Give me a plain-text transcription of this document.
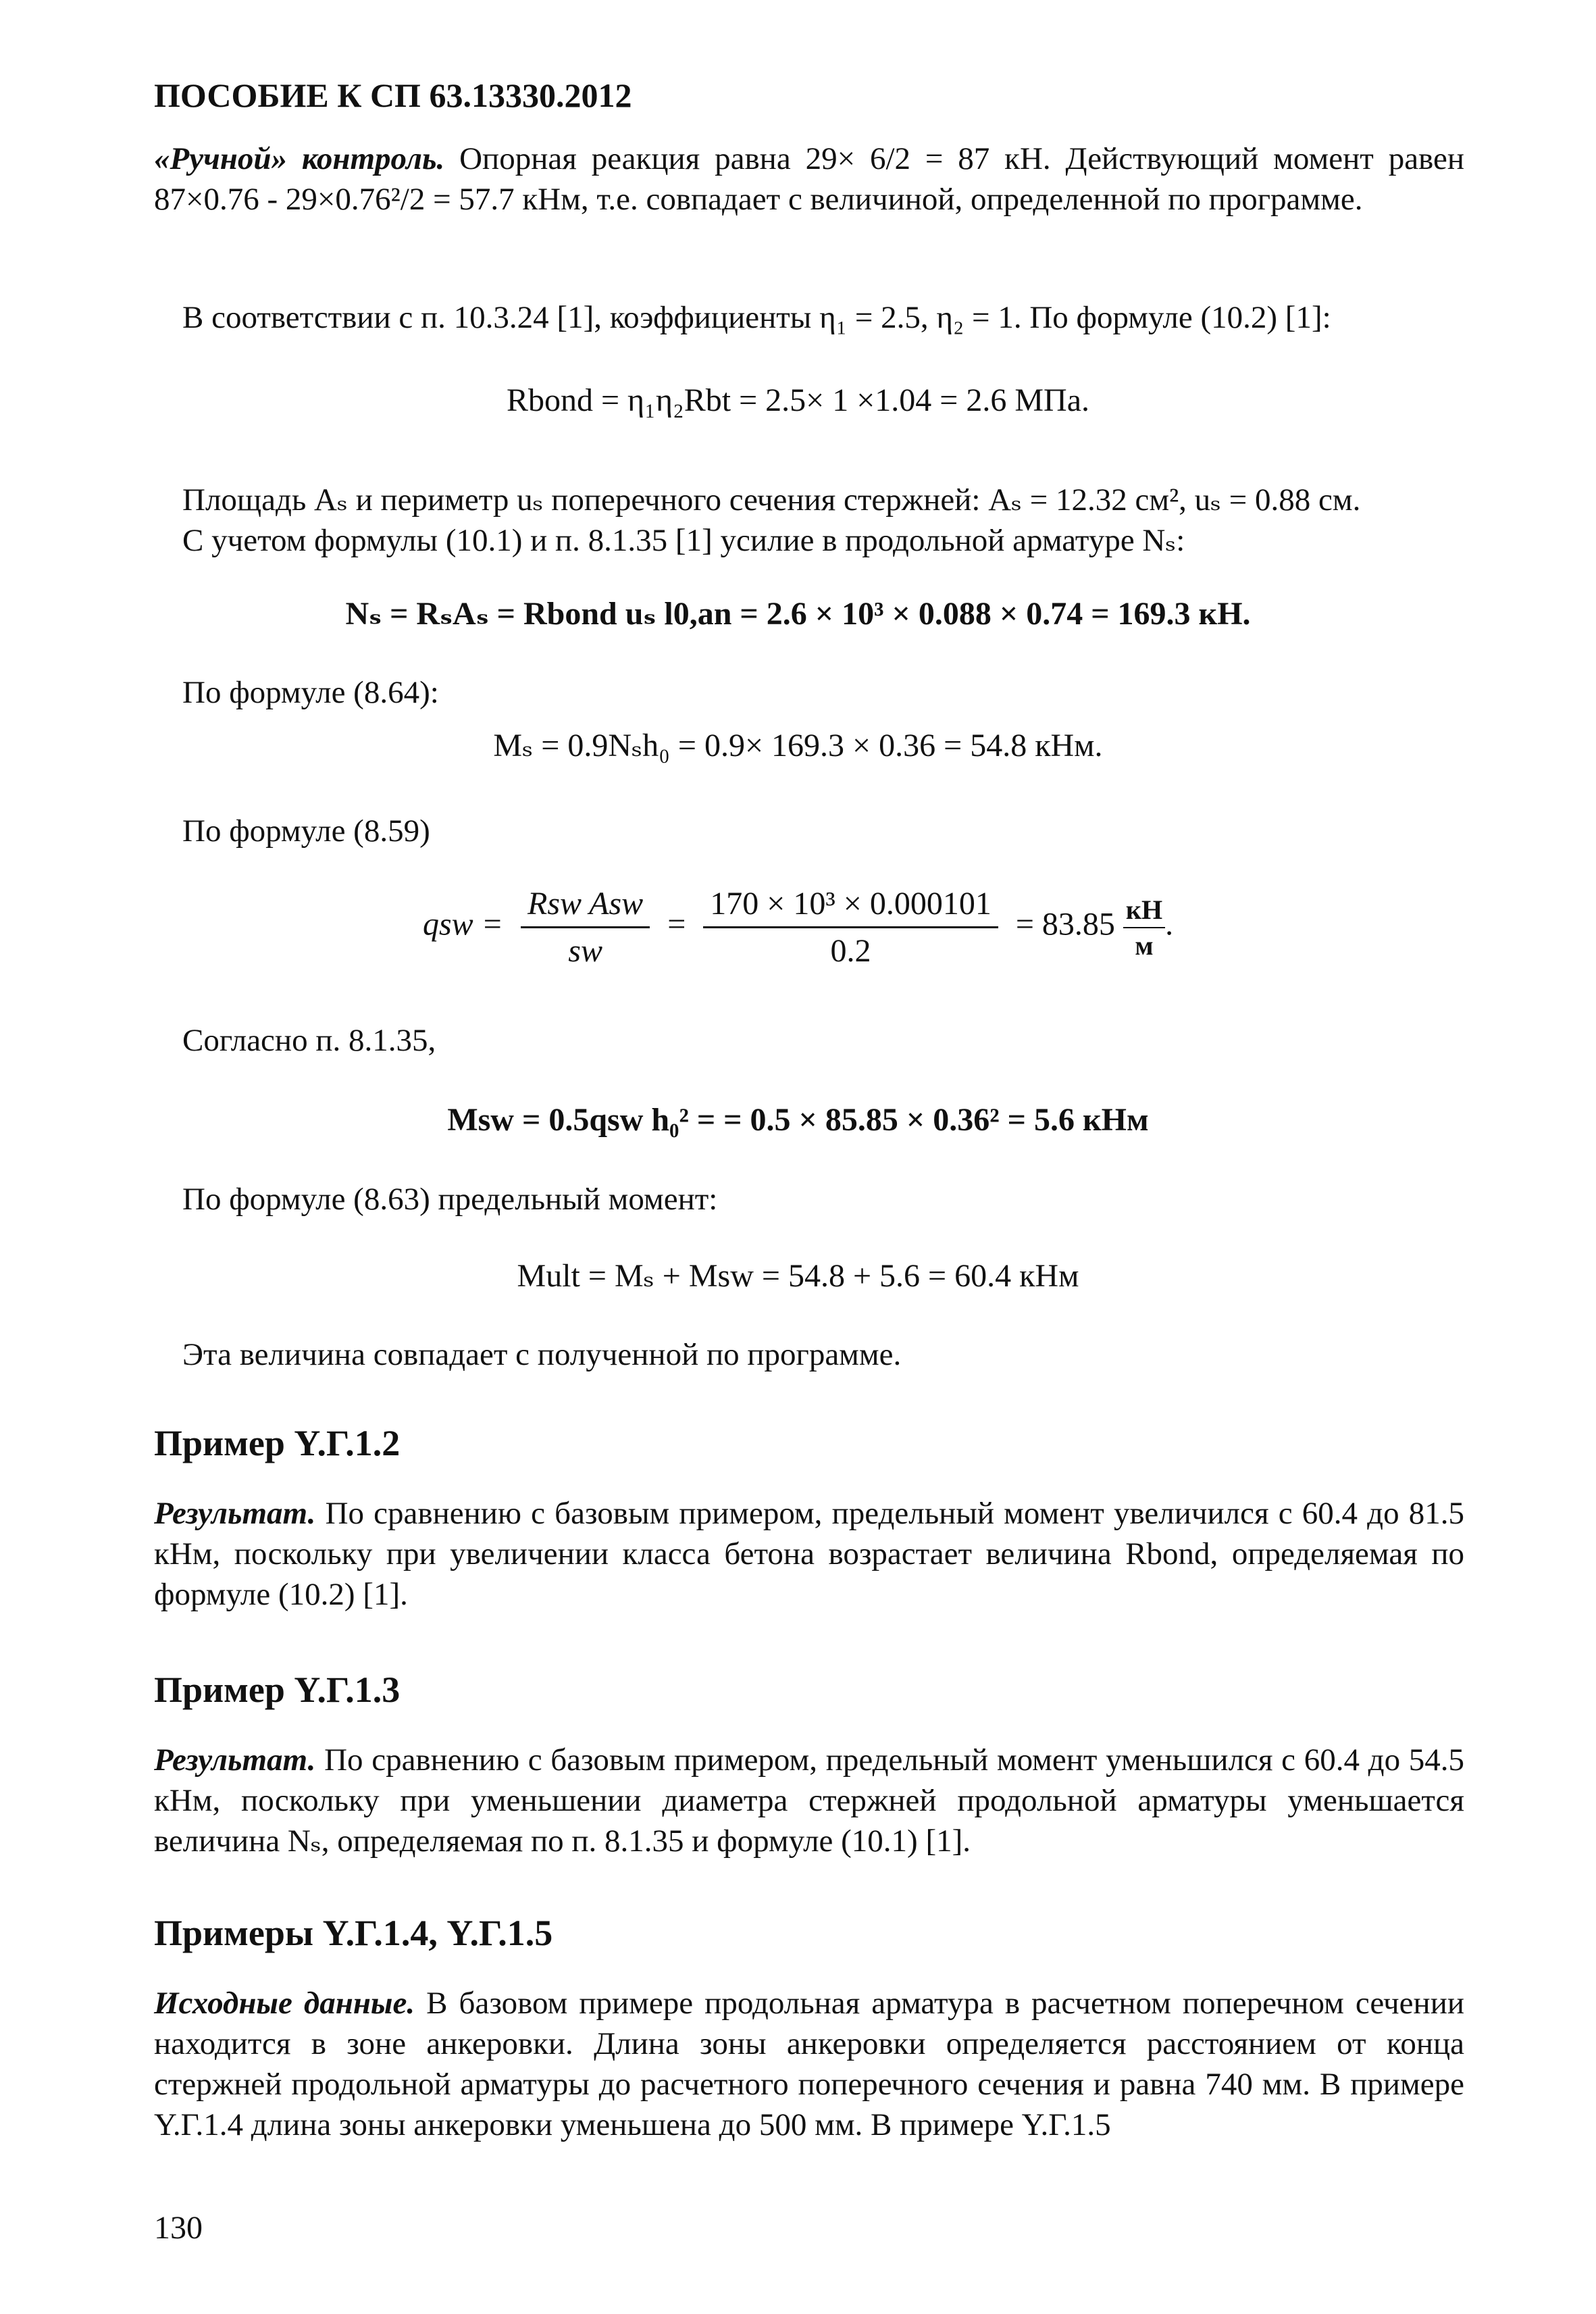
ПОСОБИЕ К СП 63.13330.2012
«Ручной» контроль. Опорная реакция равна 29× 6/2 = 87 кН. Действующий момент равен 87×0.76 - 29×0.76²/2 = 57.7 кНм, т.е. совпадает с величиной, определенной по программе.
В соответствии с п. 10.3.24 [1], коэффициенты η₁ = 2.5, η₂ = 1. По формуле (10.2) [1]:
Rbond = η₁η₂Rbt = 2.5× 1 ×1.04 = 2.6 МПа.
Площадь Aₛ и периметр uₛ поперечного сечения стержней: Aₛ = 12.32 см², uₛ = 0.88 см.
С учетом формулы (10.1) и п. 8.1.35 [1] усилие в продольной арматуре Nₛ:
Nₛ = RₛAₛ = Rbond uₛ l0,an = 2.6 × 10³ × 0.088 × 0.74 = 169.3 кН.
По формуле (8.64):
Mₛ = 0.9Nₛh₀ = 0.9× 169.3 × 0.36 = 54.8 кНм.
По формуле (8.59)
qsw = $\frac{\text{Rsw Asw}}{sw} = \frac{\text{170 × 10³ × 0.000101}}{0.2} = 83.85 \frac{кН}{м}$ .
Согласно п. 8.1.35,
Msw = 0.5qsw h₀² = = 0.5 × 85.85 × 0.36² = 5.6 кНм
По формуле (8.63) предельный момент:
Mult = Mₛ + Msw = 54.8 + 5.6 = 60.4 кНм
Эта величина совпадает с полученной по программе.
Пример Y.Г.1.2
Результат. По сравнению с базовым примером, предельный момент увеличился с 60.4 до 81.5 кНм, поскольку при увеличении класса бетона возрастает величина Rbond, определяемая по формуле (10.2) [1].
Пример Y.Г.1.3
Результат. По сравнению с базовым примером, предельный момент уменьшился с 60.4 до 54.5 кНм, поскольку при уменьшении диаметра стержней продольной арматуры уменьшается величина Nₛ, определяемая по п. 8.1.35 и формуле (10.1) [1].
Примеры Y.Г.1.4, Y.Г.1.5
Исходные данные. В базовом примере продольная арматура в расчетном поперечном сечении находится в зоне анкеровки. Длина зоны анкеровки определяется расстоянием от конца стержней продольной арматуры до расчетного поперечного сечения и равна 740 мм. В примере Y.Г.1.4 длина зоны анкеровки уменьшена до 500 мм. В примере Y.Г.1.5
130
